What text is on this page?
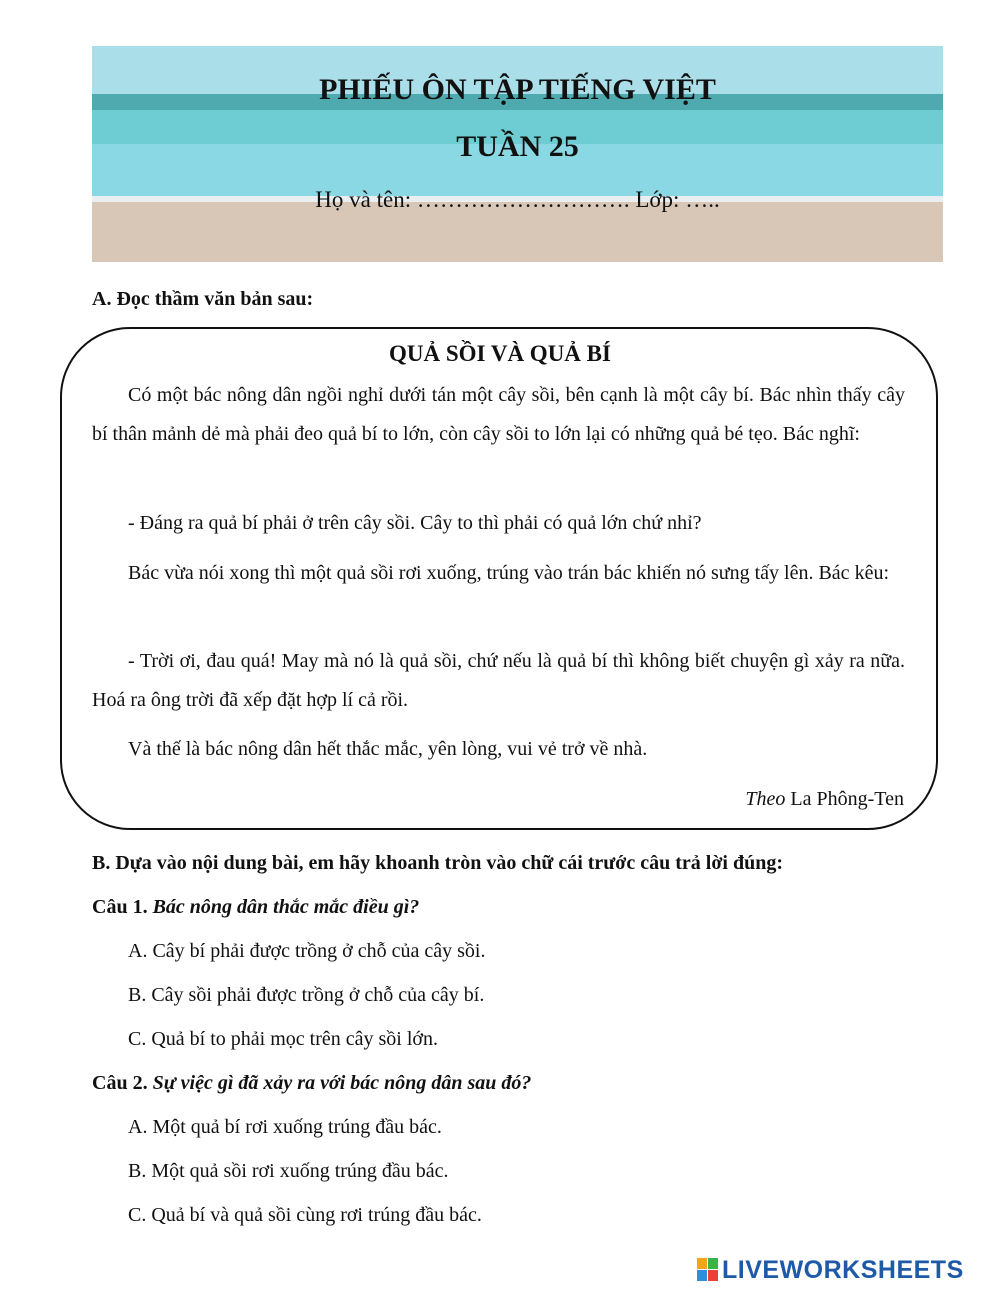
PHIẾU ÔN TẬP TIẾNG VIỆT
TUẦN 25
Họ và tên: ………………………. Lớp: …..
A. Đọc thầm văn bản sau:
QUẢ SỒI VÀ QUẢ BÍ

Có một bác nông dân ngồi nghỉ dưới tán một cây sồi, bên cạnh là một cây bí. Bác nhìn thấy cây bí thân mảnh dẻ mà phải đeo quả bí to lớn, còn cây sồi to lớn lại có những quả bé tẹo. Bác nghĩ:

- Đáng ra quả bí phải ở trên cây sồi. Cây to thì phải có quả lớn chứ nhỉ?

Bác vừa nói xong thì một quả sồi rơi xuống, trúng vào trán bác khiến nó sưng tấy lên. Bác kêu:

- Trời ơi, đau quá! May mà nó là quả sồi, chứ nếu là quả bí thì không biết chuyện gì xảy ra nữa. Hoá ra ông trời đã xếp đặt hợp lí cả rồi.

Và thế là bác nông dân hết thắc mắc, yên lòng, vui vẻ trở về nhà.

Theo La Phông-Ten
B. Dựa vào nội dung bài, em hãy khoanh tròn vào chữ cái trước câu trả lời đúng:
Câu 1. Bác nông dân thắc mắc điều gì?
A. Cây bí phải được trồng ở chỗ của cây sồi.
B. Cây sồi phải được trồng ở chỗ của cây bí.
C. Quả bí to phải mọc trên cây sồi lớn.
Câu 2. Sự việc gì đã xảy ra với bác nông dân sau đó?
A. Một quả bí rơi xuống trúng đầu bác.
B. Một quả sồi rơi xuống trúng đầu bác.
C. Quả bí và quả sồi cùng rơi trúng đầu bác.
LIVEWORKSHEETS
